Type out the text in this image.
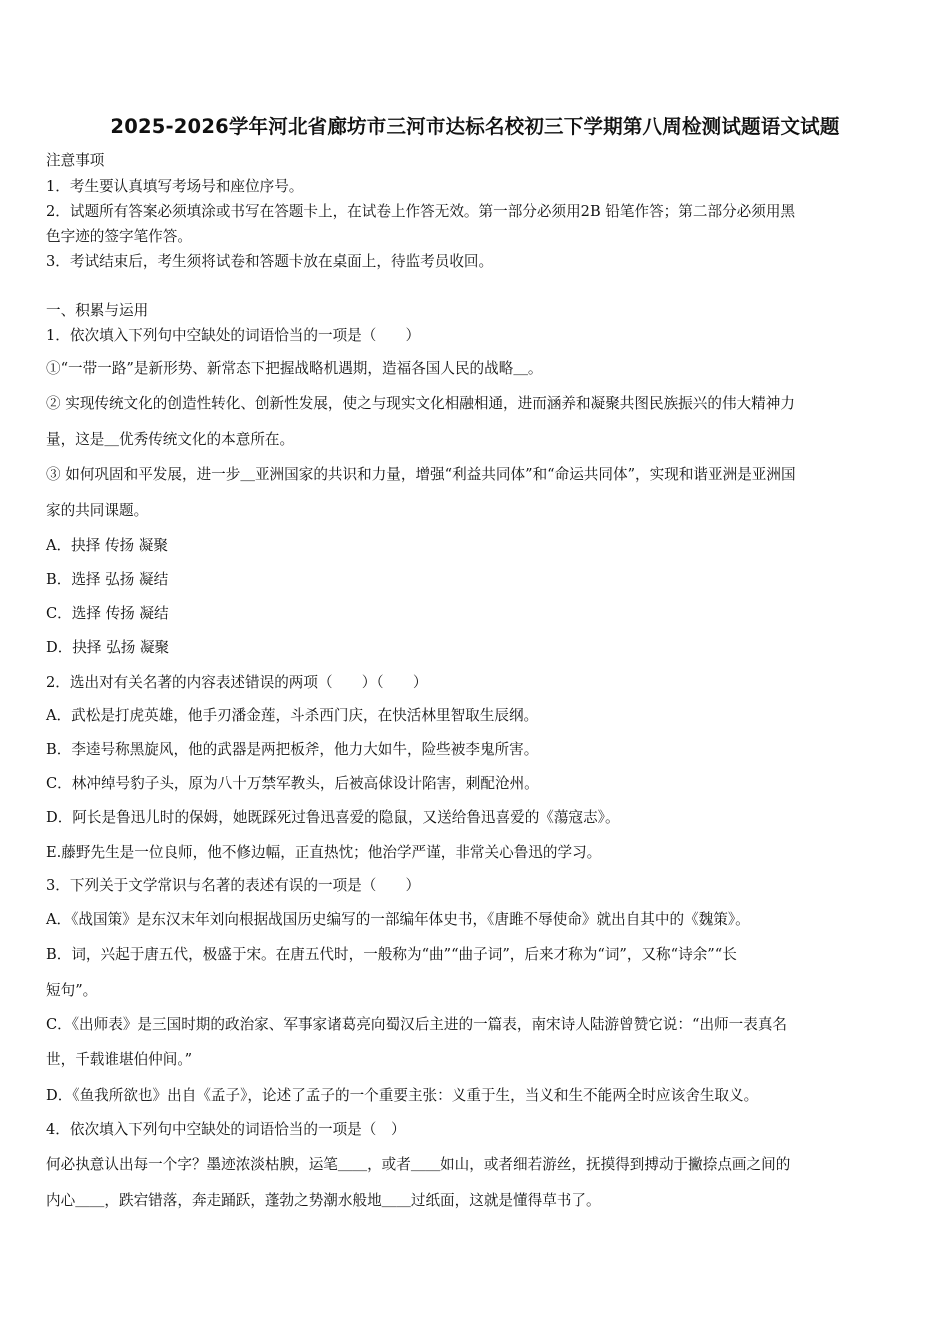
2025-2026学年河北省廊坊市三河市达标名校初三下学期第八周检测试题语文试题
注意事项
1．考生要认真填写考场号和座位序号。
2．试题所有答案必须填涂或书写在答题卡上，在试卷上作答无效。第一部分必须用2B 铅笔作答；第二部分必须用黑
色字迹的签字笔作答。
3．考试结束后，考生须将试卷和答题卡放在桌面上，待监考员收回。
一、积累与运用
1．依次填入下列句中空缺处的词语恰当的一项是（　　）
①“一带一路”是新形势、新常态下把握战略机遇期，造福各国人民的战略＿。
② 实现传统文化的创造性转化、创新性发展，使之与现实文化相融相通，进而涵养和凝聚共图民族振兴的伟大精神力
量，这是＿优秀传统文化的本意所在。
③ 如何巩固和平发展，进一步＿亚洲国家的共识和力量，增强“利益共同体”和“命运共同体”，实现和谐亚洲是亚洲国
家的共同课题。
A．抉择 传扬 凝聚
B．选择 弘扬 凝结
C．选择 传扬 凝结
D．抉择 弘扬 凝聚
2．选出对有关名著的内容表述错误的两项（　　）（　　）
A．武松是打虎英雄，他手刃潘金莲，斗杀西门庆，在快活林里智取生辰纲。
B．李逵号称黑旋风，他的武器是两把板斧，他力大如牛，险些被李鬼所害。
C．林冲绰号豹子头，原为八十万禁军教头，后被高俅设计陷害，刺配沧州。
D．阿长是鲁迅儿时的保姆，她既踩死过鲁迅喜爱的隐鼠，又送给鲁迅喜爱的《蕩寇志》。
E.藤野先生是一位良师，他不修边幅，正直热忱；他治学严谨，非常关心鲁迅的学习。
3．下列关于文学常识与名著的表述有误的一项是（　　）
A．《战国策》是东汉末年刘向根据战国历史编写的一部编年体史书，《唐雎不辱使命》就出自其中的《魏策》。
B．词，兴起于唐五代，极盛于宋。在唐五代时，一般称为“曲”“曲子词”，后来才称为“词”，又称“诗余”“长
短句”。
C．《出师表》是三国时期的政治家、军事家诸葛亮向蜀汉后主进的一篇表，南宋诗人陆游曾赞它说：“出师一表真名
世，千载谁堪伯仲间。”
D．《鱼我所欲也》出自《孟子》，论述了孟子的一个重要主张：义重于生，当义和生不能两全时应该舍生取义。
4．依次填入下列句中空缺处的词语恰当的一项是（　）
何必执意认出每一个字？墨迹浓淡枯腴，运笔＿＿，或者＿＿如山，或者细若游丝，抚摸得到搏动于撇捺点画之间的
内心＿＿，跌宕错落，奔走踊跃，蓬勃之势潮水般地＿＿过纸面，这就是懂得草书了。
